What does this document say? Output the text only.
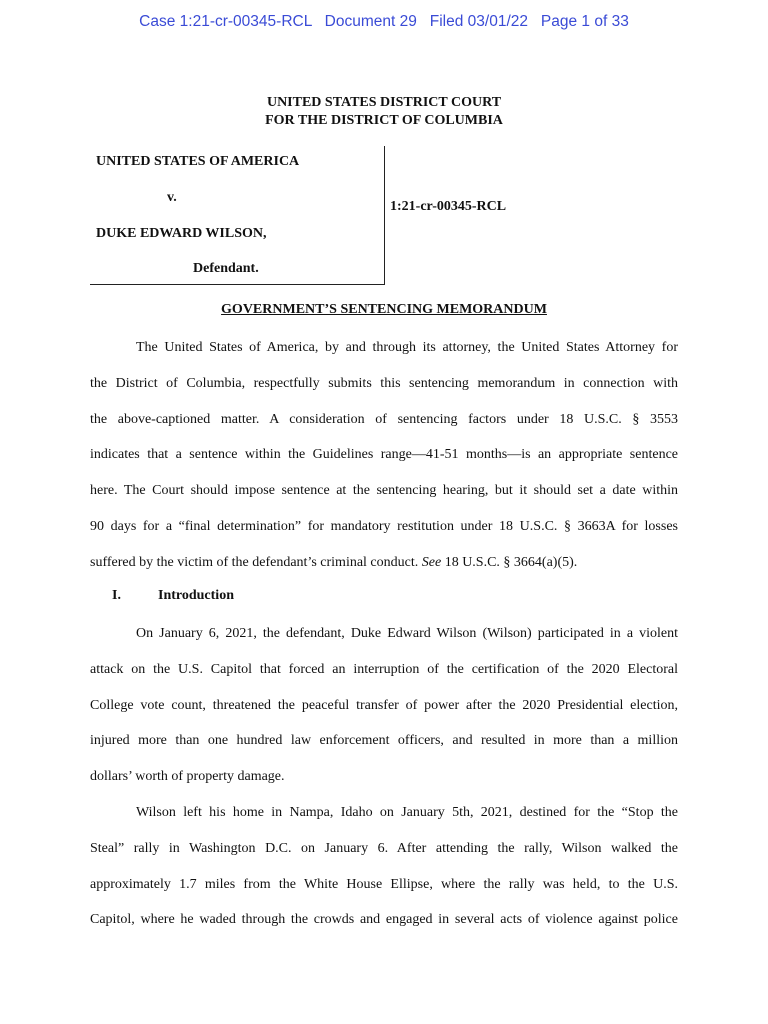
Case 1:21-cr-00345-RCL   Document 29   Filed 03/01/22   Page 1 of 33
UNITED STATES DISTRICT COURT
FOR THE DISTRICT OF COLUMBIA
UNITED STATES OF AMERICA
v.
DUKE EDWARD WILSON,
Defendant.
1:21-cr-00345-RCL
GOVERNMENT’S SENTENCING MEMORANDUM
The United States of America, by and through its attorney, the United States Attorney for
the District of Columbia, respectfully submits this sentencing memorandum in connection with
the above-captioned matter. A consideration of sentencing factors under 18 U.S.C. § 3553
indicates that a sentence within the Guidelines range—41-51 months—is an appropriate sentence
here. The Court should impose sentence at the sentencing hearing, but it should set a date within
90 days for a “final determination” for mandatory restitution under 18 U.S.C. § 3663A for losses
suffered by the victim of the defendant’s criminal conduct. See 18 U.S.C. § 3664(a)(5).
I.	Introduction
On January 6, 2021, the defendant, Duke Edward Wilson (Wilson) participated in a violent
attack on the U.S. Capitol that forced an interruption of the certification of the 2020 Electoral
College vote count, threatened the peaceful transfer of power after the 2020 Presidential election,
injured more than one hundred law enforcement officers, and resulted in more than a million
dollars’ worth of property damage.
Wilson left his home in Nampa, Idaho on January 5th, 2021, destined for the “Stop the
Steal” rally in Washington D.C. on January 6. After attending the rally, Wilson walked the
approximately 1.7 miles from the White House Ellipse, where the rally was held, to the U.S.
Capitol, where he waded through the crowds and engaged in several acts of violence against police
